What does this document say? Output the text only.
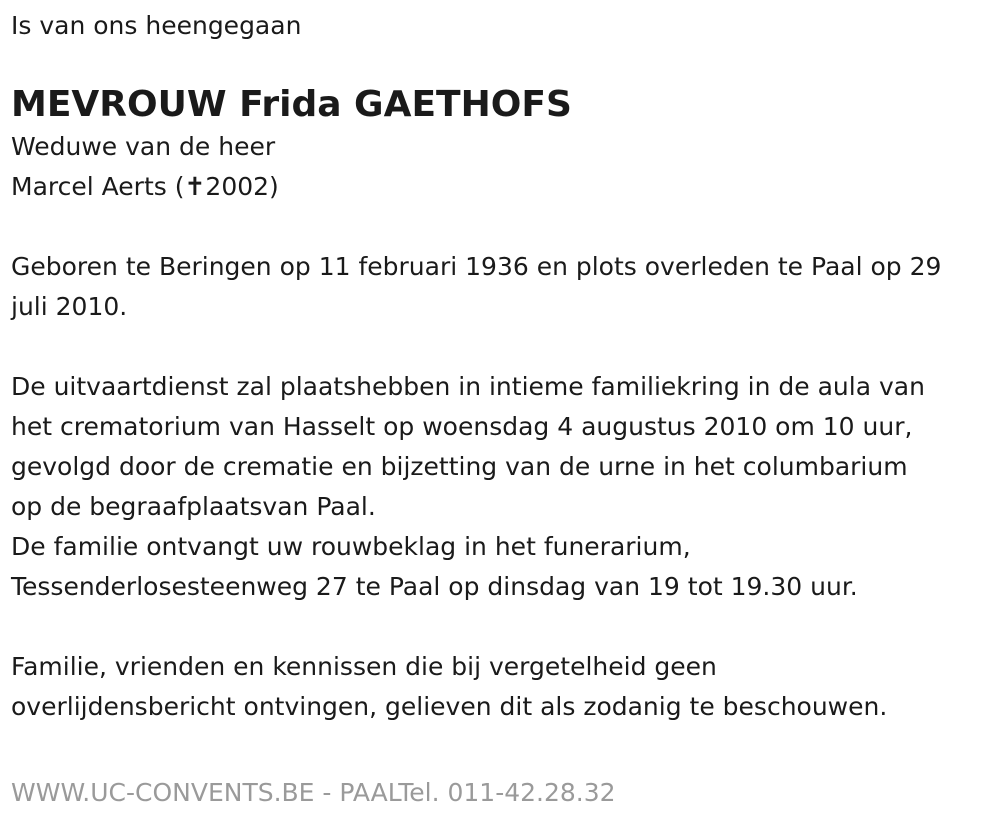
Is van ons heengegaan

MEVROUW Frida GAETHOFS
Weduwe van de heer
Marcel Aerts (✝2002)
Geboren te Beringen op 11 februari 1936 en plots overleden te Paal op 29
juli 2010.
De uitvaartdienst zal plaatshebben in intieme familiekring in de aula van
het crematorium van Hasselt op woensdag 4 augustus 2010 om 10 uur,
gevolgd door de crematie en bijzetting van de urne in het columbarium
op de begraafplaatsvan Paal.
De familie ontvangt uw rouwbeklag in het funerarium,
Tessenderlosesteenweg 27 te Paal op dinsdag van 19 tot 19.30 uur.
Familie, vrienden en kennissen die bij vergetelheid geen
overlijdensbericht ontvingen, gelieven dit als zodanig te beschouwen.
WWW.UC-CONVENTS.BE - PAALTel. 011-42.28.32
